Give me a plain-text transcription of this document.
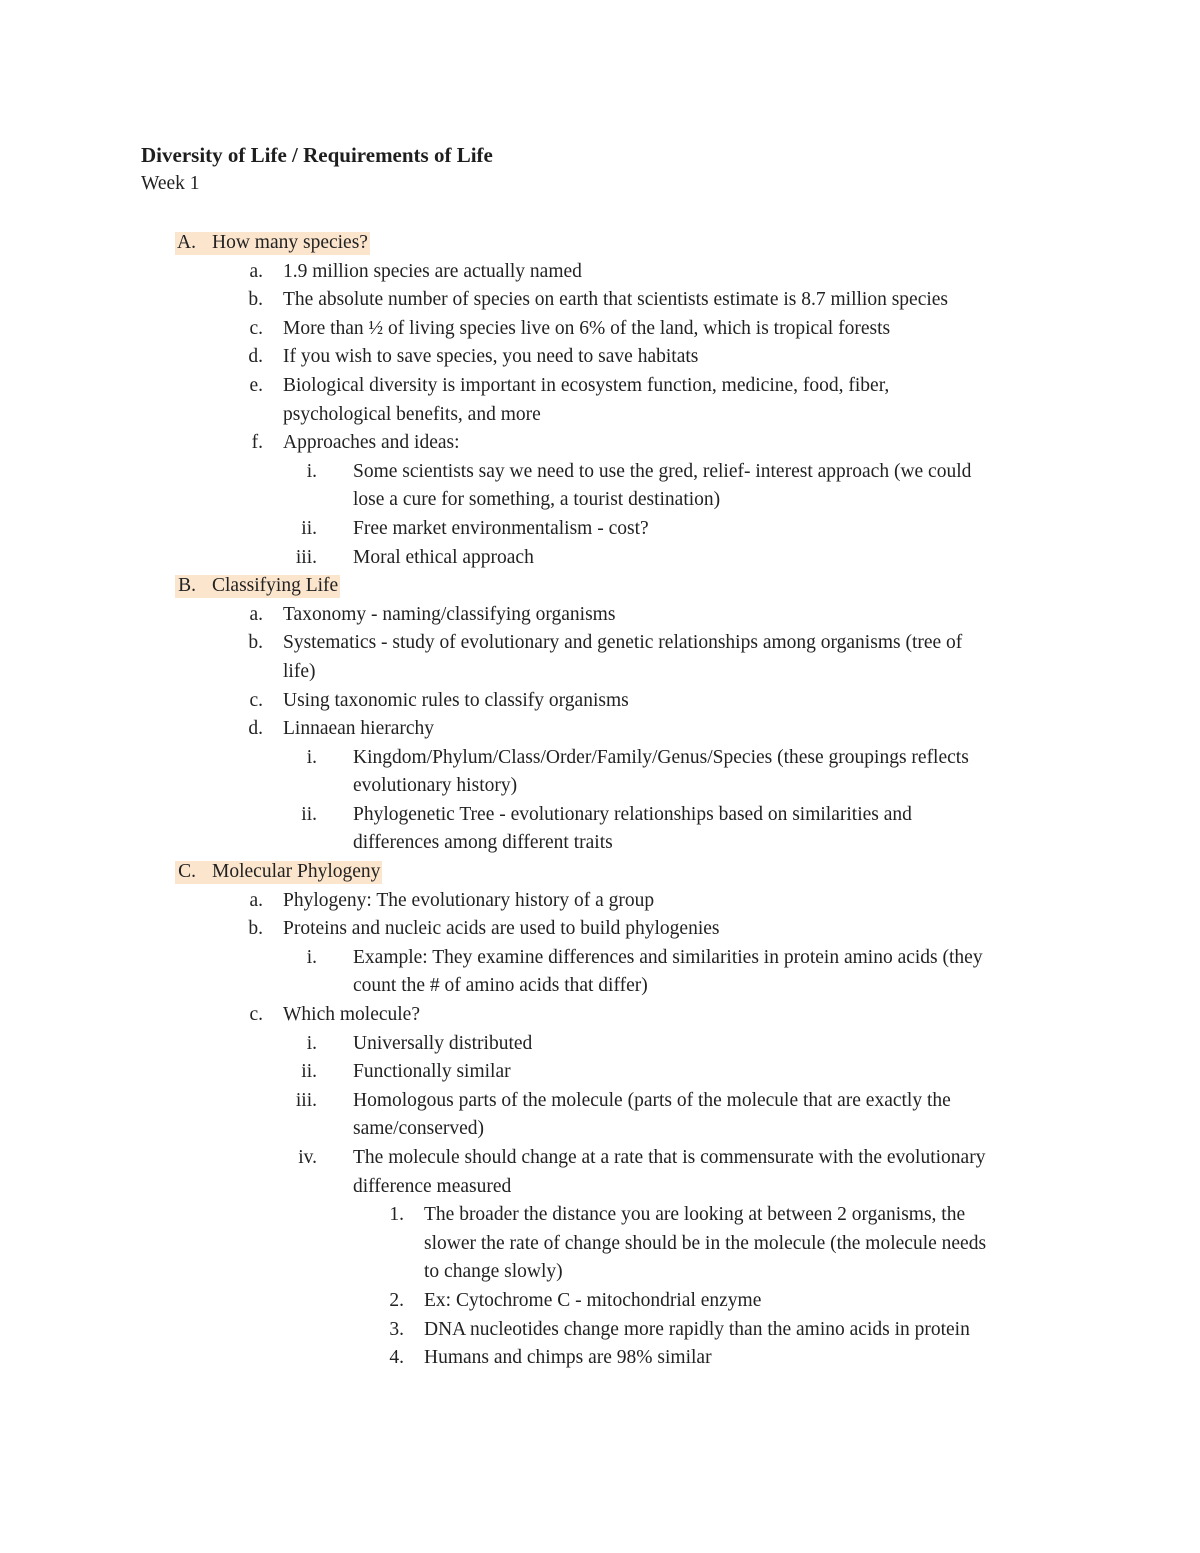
Diversity of Life / Requirements of Life
Week 1
A. How many species?
a. 1.9 million species are actually named
b. The absolute number of species on earth that scientists estimate is 8.7 million species
c. More than ½ of living species live on 6% of the land, which is tropical forests
d. If you wish to save species, you need to save habitats
e. Biological diversity is important in ecosystem function, medicine, food, fiber,
psychological benefits, and more
f. Approaches and ideas:
i. Some scientists say we need to use the gred, relief- interest approach (we could
lose a cure for something, a tourist destination)
ii. Free market environmentalism - cost?
iii. Moral ethical approach
B. Classifying Life
a. Taxonomy - naming/classifying organisms
b. Systematics - study of evolutionary and genetic relationships among organisms (tree of
life)
c. Using taxonomic rules to classify organisms
d. Linnaean hierarchy
i. Kingdom/Phylum/Class/Order/Family/Genus/Species (these groupings reflects
evolutionary history)
ii. Phylogenetic Tree - evolutionary relationships based on similarities and
differences among different traits
C. Molecular Phylogeny
a. Phylogeny: The evolutionary history of a group
b. Proteins and nucleic acids are used to build phylogenies
i. Example: They examine differences and similarities in protein amino acids (they
count the # of amino acids that differ)
c. Which molecule?
i. Universally distributed
ii. Functionally similar
iii. Homologous parts of the molecule (parts of the molecule that are exactly the
same/conserved)
iv. The molecule should change at a rate that is commensurate with the evolutionary
difference measured
1. The broader the distance you are looking at between 2 organisms, the
slower the rate of change should be in the molecule (the molecule needs
to change slowly)
2. Ex: Cytochrome C - mitochondrial enzyme
3. DNA nucleotides change more rapidly than the amino acids in protein
4. Humans and chimps are 98% similar
